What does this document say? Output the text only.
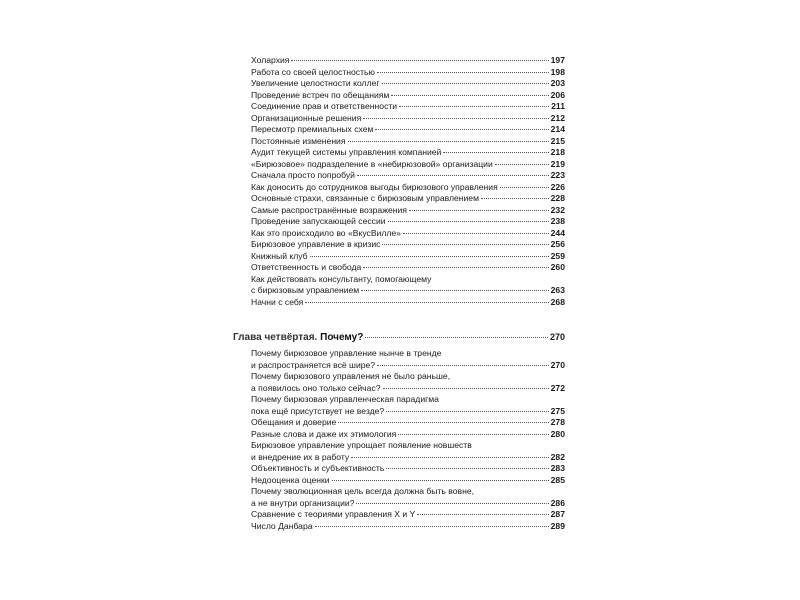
Холархия	197
Работа со своей целостностью	198
Увеличение целостности коллег	203
Проведение встреч по обещаниям	206
Соединение прав и ответственности	211
Организационные решения	212
Пересмотр премиальных схем	214
Постоянные изменения	215
Аудит текущей системы управления компанией	218
«Бирюзовое» подразделение в «небирюзовой» организации	219
Сначала просто попробуй	223
Как доносить до сотрудников выгоды бирюзового управления	226
Основные страхи, связанные с бирюзовым управлением	228
Самые распространённые возражения	232
Проведение запускающей сессии	238
Как это происходило во «ВкусВилле»	244
Бирюзовое управление в кризис	256
Книжный клуб	259
Ответственность и свобода	260
Как действовать консультанту, помогающему
с бирюзовым управлением	263
Начни с себя	268
Глава четвёртая. Почему?	270
Почему бирюзовое управление нынче в тренде
и распространяется всё шире?	270
Почему бирюзового управления не было раньше,
а появилось оно только сейчас?	272
Почему бирюзовая управленческая парадигма
пока ещё присутствует не везде?	275
Обещания и доверие	278
Разные слова и даже их этимология	280
Бирюзовое управление упрощает появление новшеств
и внедрение их в работу	282
Объективность и субъективность	283
Недооценка оценки	285
Почему эволюционная цель всегда должна быть вовне,
а не внутри организации?	286
Сравнение с теориями управления X и Y	287
Число Данбара	289
